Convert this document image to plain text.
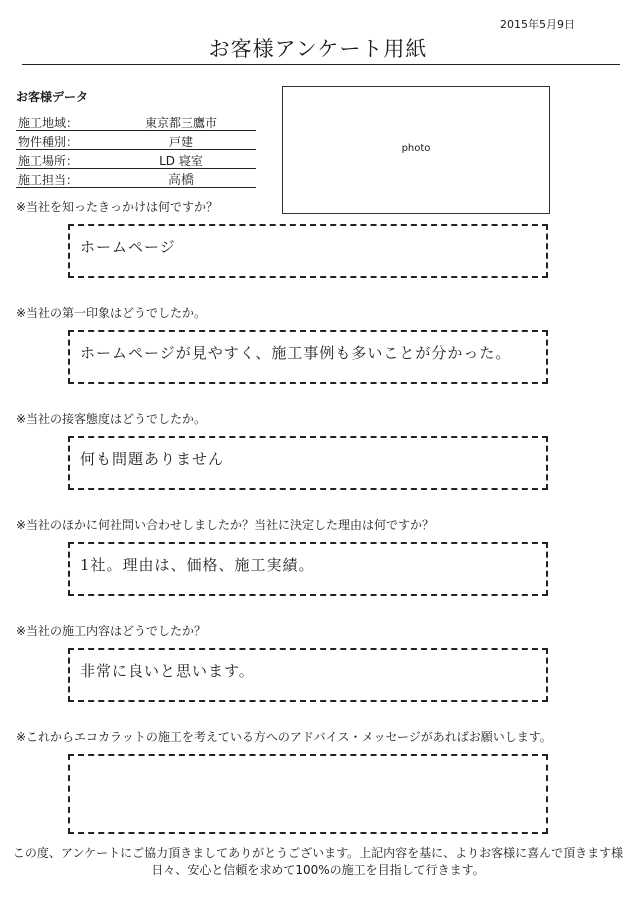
2015年5月9日
お客様アンケート用紙
お客様データ
施工地域：	東京都三鷹市
物件種別：	戸建
施工場所：	LD 寝室
施工担当：	高橋
photo
※当社を知ったきっかけは何ですか？
ホームページ
※当社の第一印象はどうでしたか。
ホームページが見やすく、施工事例も多いことが分かった。
※当社の接客態度はどうでしたか。
何も問題ありません
※当社のほかに何社問い合わせしましたか？当社に決定した理由は何ですか？
1社。理由は、価格、施工実績。
※当社の施工内容はどうでしたか？
非常に良いと思います。
※これからエコカラットの施工を考えている方へのアドバイス・メッセージがあればお願いします。
この度、アンケートにご協力頂きましてありがとうございます。上記内容を基に、よりお客様に喜んで頂きます様
日々、安心と信頼を求めて100%の施工を目指して行きます。
